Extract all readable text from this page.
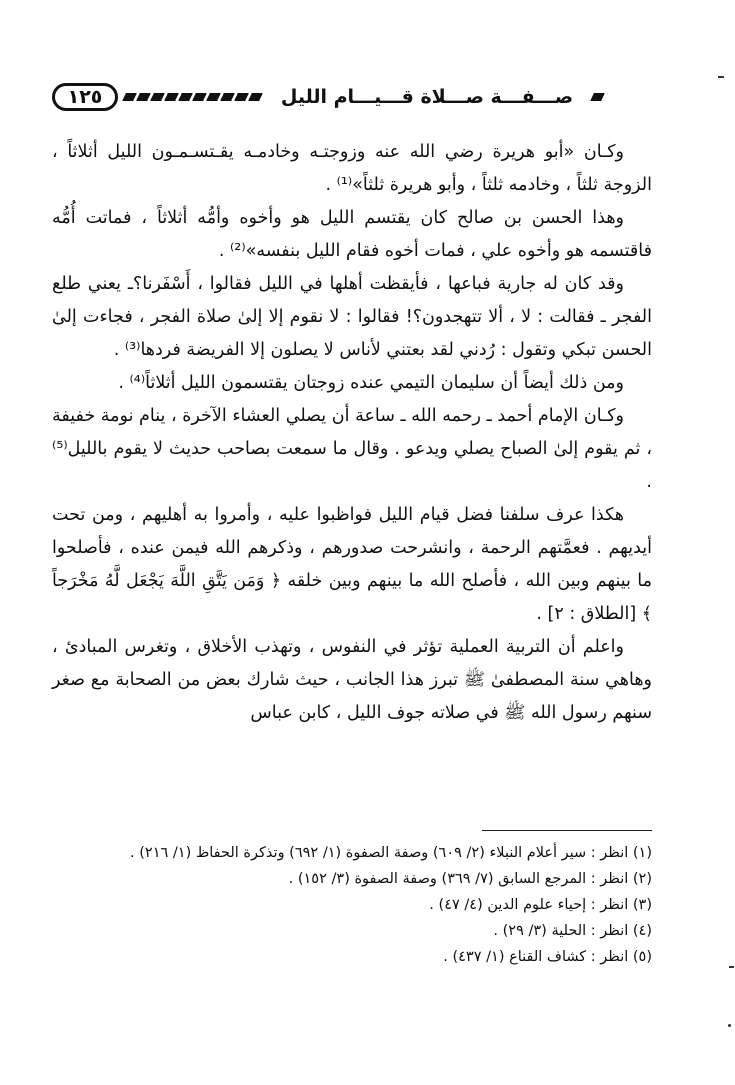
١٢٥	صـــفـــة صـــلاة قـــيـــام الليل

وكـان «أبو هريرة رضي الله عنه وزوجتـه وخادمـه يقـتسـمـون الليل أثلاثاً ، الزوجة ثلثاً ، وخادمه ثلثاً ، وأبو هريرة ثلثاً»⁽¹⁾ .

وهذا الحسن بن صالح كان يقتسم الليل هو وأخوه وأمُّه أثلاثاً ، فماتت أُمُّه فاقتسمه هو وأخوه علي ، فمات أخوه فقام الليل بنفسه»⁽²⁾ .

وقد كان له جارية فباعها ، فأيقظت أهلها في الليل فقالوا ، أَسْفَرنا؟ـ يعني طلع الفجر ـ فقالت : لا ، ألا تتهجدون؟! فقالوا : لا نقوم إلا إلىٰ صلاة الفجر ، فجاءت إلىٰ الحسن تبكي وتقول : رُدني لقد بعتني لأناس لا يصلون إلا الفريضة فردها⁽³⁾ .

ومن ذلك أيضاً أن سليمان التيمي عنده زوجتان يقتسمون الليل أثلاثاً⁽⁴⁾ .

وكـان الإمام أحمد ـ رحمه الله ـ ساعة أن يصلي العشاء الآخرة ، ينام نومة خفيفة ، ثم يقوم إلىٰ الصباح يصلي ويدعو . وقال ما سمعت بصاحب حديث لا يقوم بالليل⁽⁵⁾ .

هكذا عرف سلفنا فضل قيام الليل فواظبوا عليه ، وأمروا به أهليهم ، ومن تحت أيديهم . فعمَّتهم الرحمة ، وانشرحت صدورهم ، وذكرهم الله فيمن عنده ، فأصلحوا ما بينهم وبين الله ، فأصلح الله ما بينهم وبين خلقه ﴿ وَمَن يَتَّقِ اللَّهَ يَجْعَل لَّهُ مَخْرَجاً ﴾ [الطلاق : ٢] .

واعلم أن التربية العملية تؤثر في النفوس ، وتهذب الأخلاق ، وتغرس المبادئ ، وهاهي سنة المصطفىٰ ﷺ تبرز هذا الجانب ، حيث شارك بعض من الصحابة مع صغر سنهم رسول الله ﷺ في صلاته جوف الليل ، كابن عباس

(١) انظر : سير أعلام النبلاء (٢/ ٦٠٩) وصفة الصفوة (١/ ٦٩٢) وتذكرة الحفاظ (١/ ٢١٦) .
(٢) انظر : المرجع السابق (٧/ ٣٦٩) وصفة الصفوة (٣/ ١٥٢) .
(٣) انظر : إحياء علوم الدين (٤/ ٤٧) .
(٤) انظر : الحلية (٣/ ٢٩) .
(٥) انظر : كشاف القناع (١/ ٤٣٧) .
